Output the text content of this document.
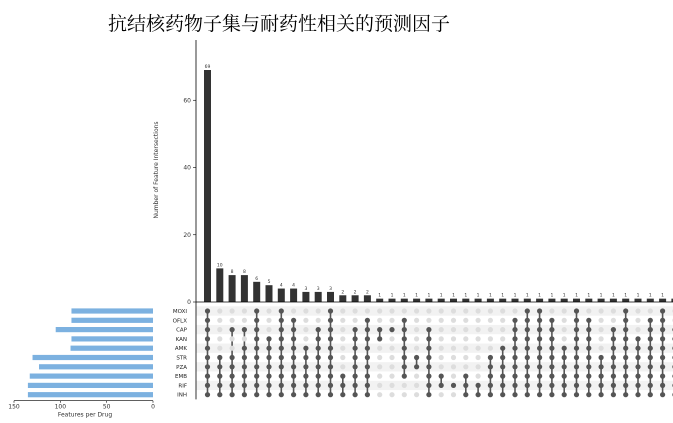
抗结核药物子集与耐药性相关的预测因子
0
20
40
60
Number of Feature Intersections
MOXI
OFLX
CAP
KAN
AMK
STR
PZA
EMB
RIF
INH
150	100	50	0
Features per Drug
69
10
8 8
6
5
4 4
3 3 3
2 2 2
1 1 1 1 1 1 1 1 1 1 1 1 1 1 1 1 1 1 1 1 1 1 1 1
